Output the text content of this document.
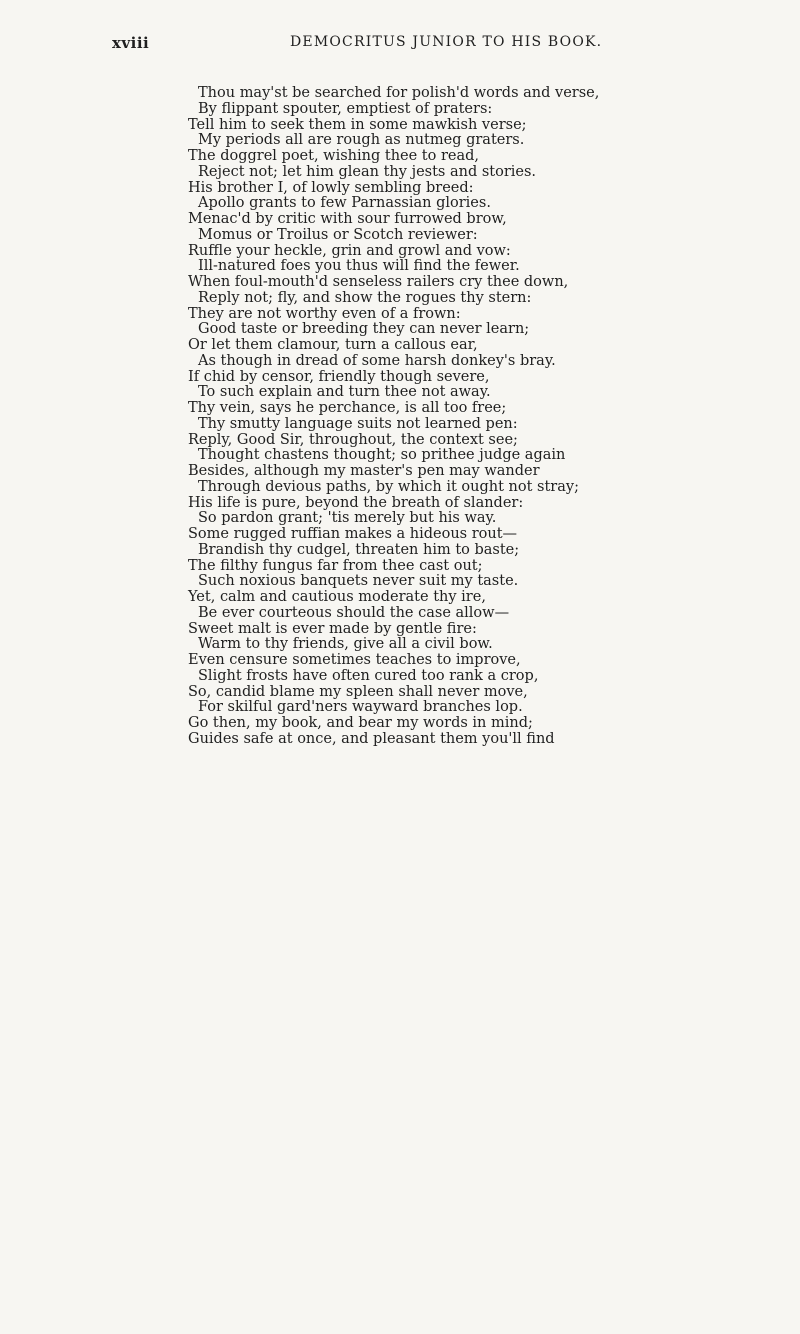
xviii	DEMOCRITUS JUNIOR TO HIS BOOK.
Thou may'st be searched for polish'd words and verse,
By flippant spouter, emptiest of praters:
Tell him to seek them in some mawkish verse;
My periods all are rough as nutmeg graters.
The doggrel poet, wishing thee to read,
Reject not; let him glean thy jests and stories.
His brother I, of lowly sembling breed:
Apollo grants to few Parnassian glories.
Menac'd by critic with sour furrowed brow,
Momus or Troilus or Scotch reviewer:
Ruffle your heckle, grin and growl and vow:
Ill-natured foes you thus will find the fewer.
When foul-mouth'd senseless railers cry thee down,
Reply not; fly, and show the rogues thy stern:
They are not worthy even of a frown:
Good taste or breeding they can never learn;
Or let them clamour, turn a callous ear,
As though in dread of some harsh donkey's bray.
If chid by censor, friendly though severe,
To such explain and turn thee not away.
Thy vein, says he perchance, is all too free;
Thy smutty language suits not learned pen:
Reply, Good Sir, throughout, the context see;
Thought chastens thought; so prithee judge again
Besides, although my master's pen may wander
Through devious paths, by which it ought not stray;
His life is pure, beyond the breath of slander:
So pardon grant; 'tis merely but his way.
Some rugged ruffian makes a hideous rout—
Brandish thy cudgel, threaten him to baste;
The filthy fungus far from thee cast out;
Such noxious banquets never suit my taste.
Yet, calm and cautious moderate thy ire,
Be ever courteous should the case allow—
Sweet malt is ever made by gentle fire:
Warm to thy friends, give all a civil bow.
Even censure sometimes teaches to improve,
Slight frosts have often cured too rank a crop,
So, candid blame my spleen shall never move,
For skilful gard'ners wayward branches lop.
Go then, my book, and bear my words in mind;
Guides safe at once, and pleasant them you'll find
